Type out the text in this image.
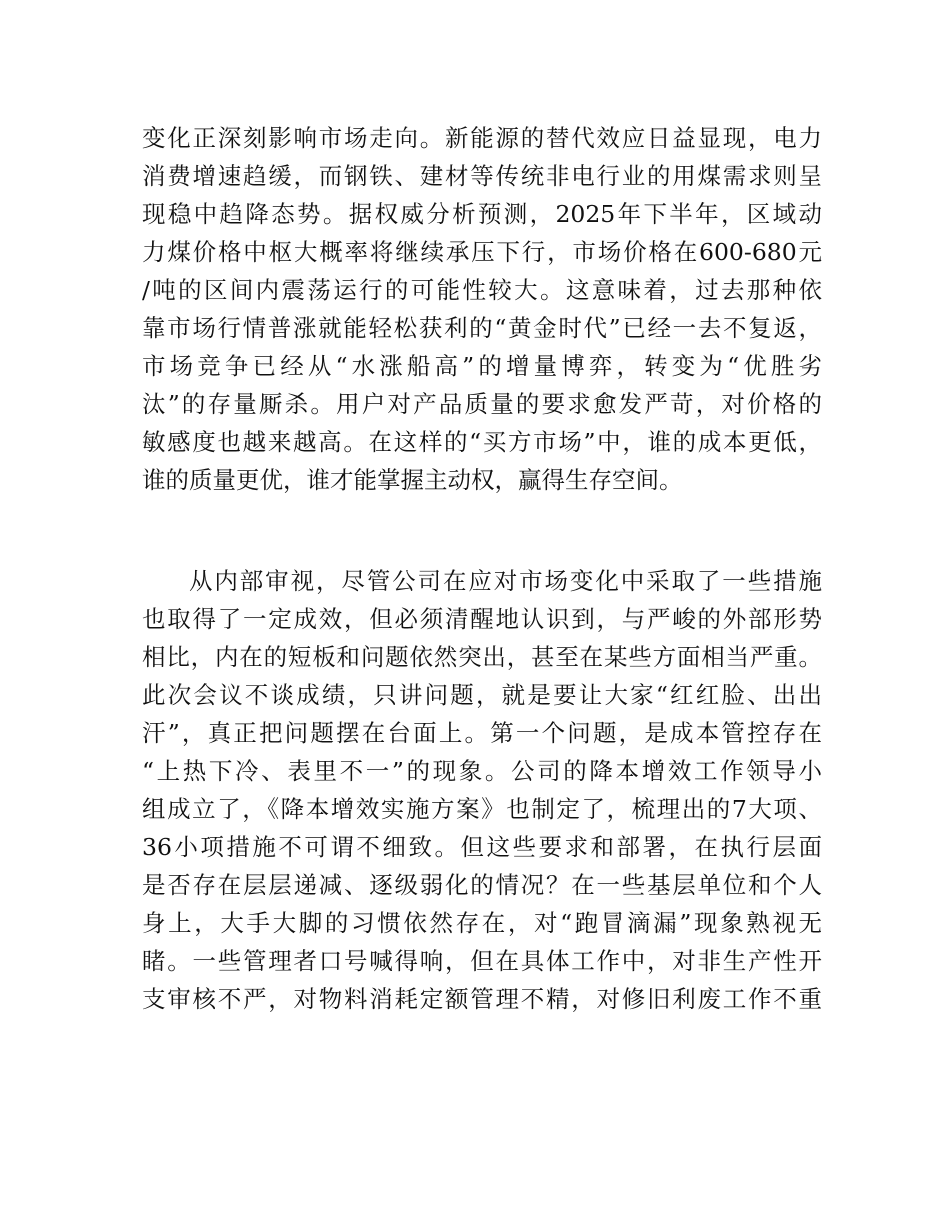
变化正深刻影响市场走向。新能源的替代效应日益显现，电力
消费增速趋缓，而钢铁、建材等传统非电行业的用煤需求则呈
现稳中趋降态势。据权威分析预测，2025年下半年，区域动
力煤价格中枢大概率将继续承压下行，市场价格在600-680元
/吨的区间内震荡运行的可能性较大。这意味着，过去那种依
靠市场行情普涨就能轻松获利的“黄金时代”已经一去不复返，
市场竞争已经从“水涨船高”的增量博弈，转变为“优胜劣
汰”的存量厮杀。用户对产品质量的要求愈发严苛，对价格的
敏感度也越来越高。在这样的“买方市场”中，谁的成本更低，
谁的质量更优，谁才能掌握主动权，赢得生存空间。
从内部审视，尽管公司在应对市场变化中采取了一些措施
也取得了一定成效，但必须清醒地认识到，与严峻的外部形势
相比，内在的短板和问题依然突出，甚至在某些方面相当严重。
此次会议不谈成绩，只讲问题，就是要让大家“红红脸、出出
汗”，真正把问题摆在台面上。第一个问题，是成本管控存在
“上热下冷、表里不一”的现象。公司的降本增效工作领导小
组成立了，《降本增效实施方案》也制定了，梳理出的7大项、
36小项措施不可谓不细致。但这些要求和部署，在执行层面
是否存在层层递减、逐级弱化的情况？在一些基层单位和个人
身上，大手大脚的习惯依然存在，对“跑冒滴漏”现象熟视无
睹。一些管理者口号喊得响，但在具体工作中，对非生产性开
支审核不严，对物料消耗定额管理不精，对修旧利废工作不重
